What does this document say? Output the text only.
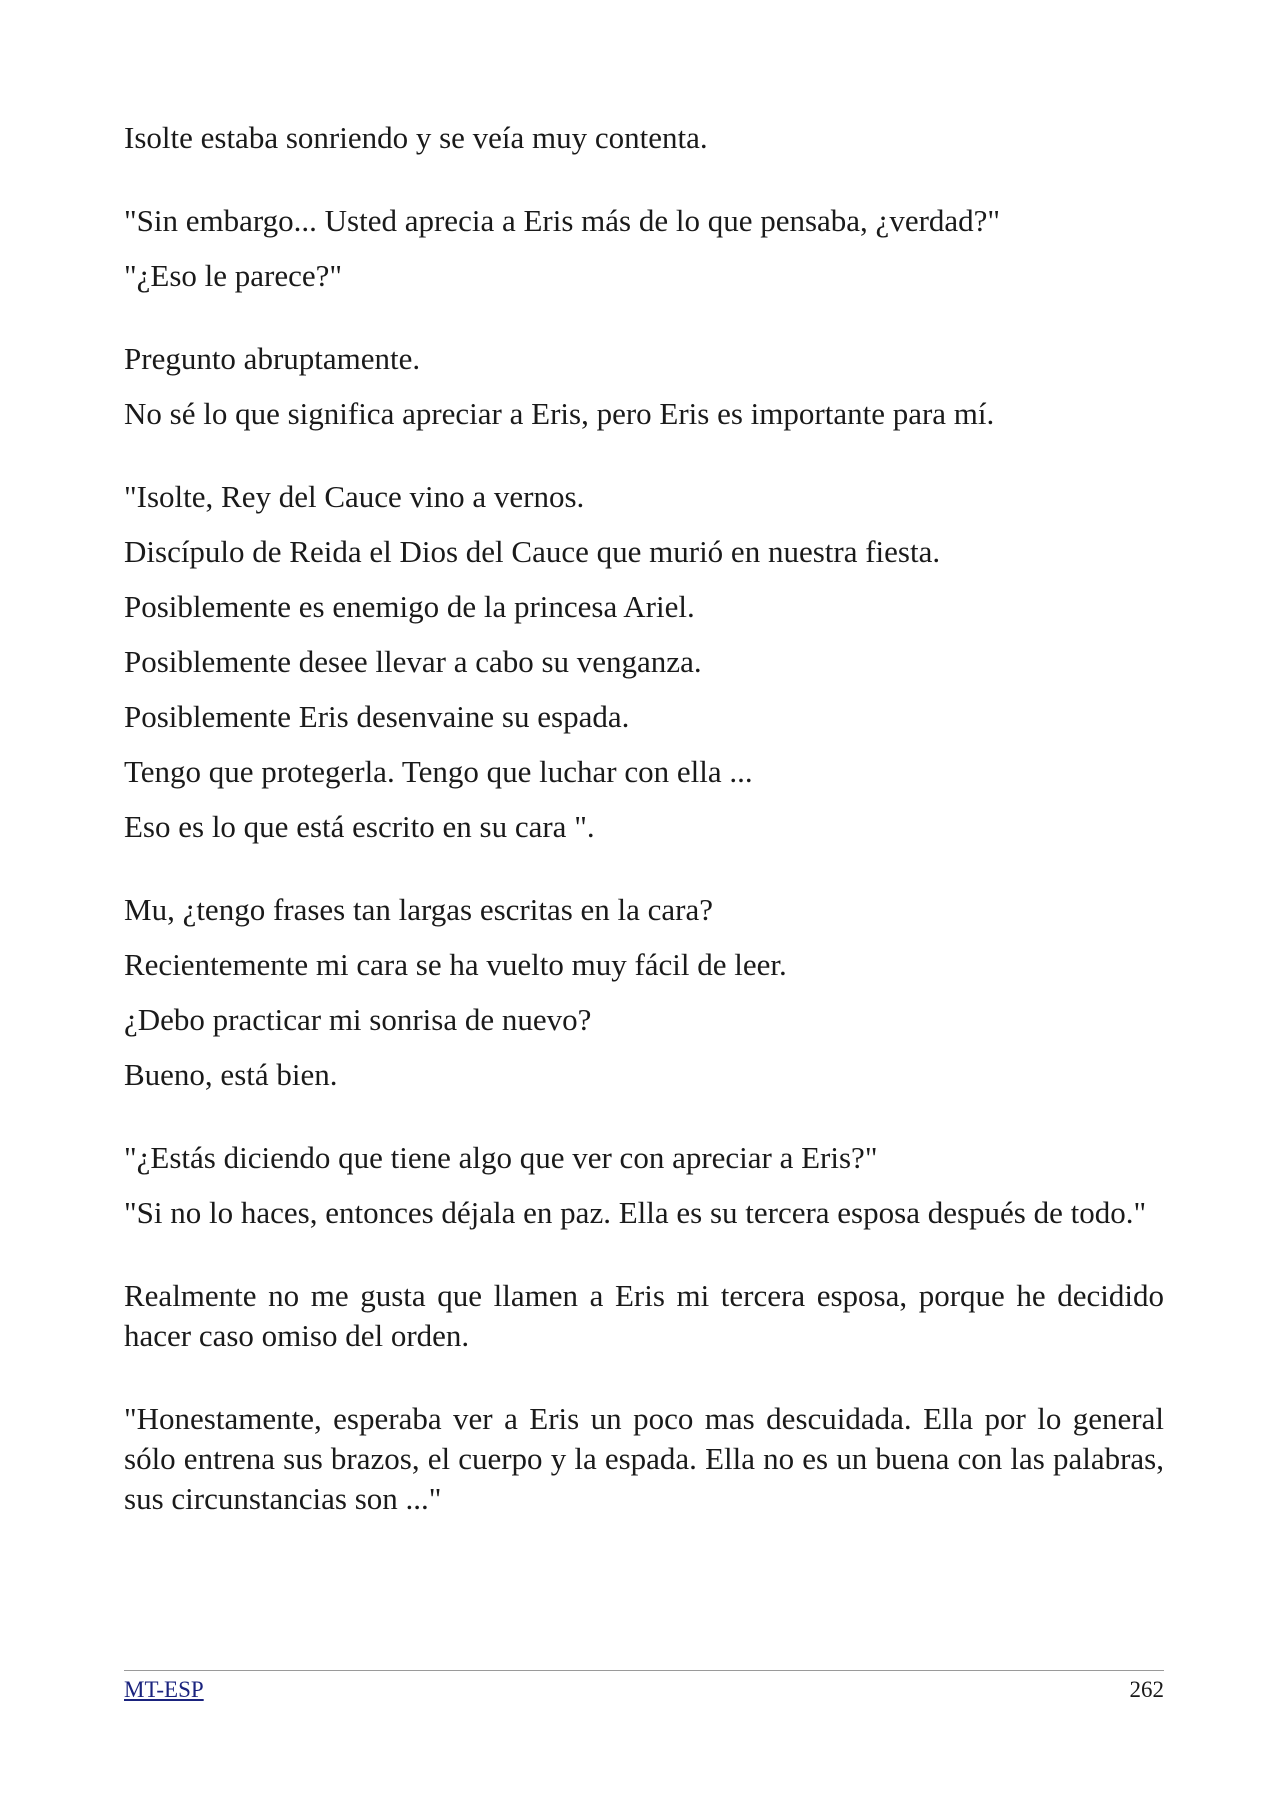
Isolte estaba sonriendo y se veía muy contenta.

"Sin embargo... Usted aprecia a Eris más de lo que pensaba, ¿verdad?"

"¿Eso le parece?"

Pregunto abruptamente.

No sé lo que significa apreciar a Eris, pero Eris es importante para mí.

"Isolte, Rey del Cauce vino a vernos.

Discípulo de Reida el Dios del Cauce que murió en nuestra fiesta.

Posiblemente es enemigo de la princesa Ariel.

Posiblemente desee llevar a cabo su venganza.

Posiblemente Eris desenvaine su espada.

Tengo que protegerla. Tengo que luchar con ella ...

Eso es lo que está escrito en su cara ".

Mu, ¿tengo frases tan largas escritas en la cara?

Recientemente mi cara se ha vuelto muy fácil de leer.

¿Debo practicar mi sonrisa de nuevo?

Bueno, está bien.

"¿Estás diciendo que tiene algo que ver con apreciar a Eris?"

"Si no lo haces, entonces déjala en paz. Ella es su tercera esposa después de todo."

Realmente no me gusta que llamen a Eris mi tercera esposa, porque he decidido hacer caso omiso del orden.

"Honestamente, esperaba ver a Eris un poco mas descuidada. Ella por lo general sólo entrena sus brazos, el cuerpo y la espada. Ella no es un buena con las palabras, sus circunstancias son ..."

MT-ESP	262
